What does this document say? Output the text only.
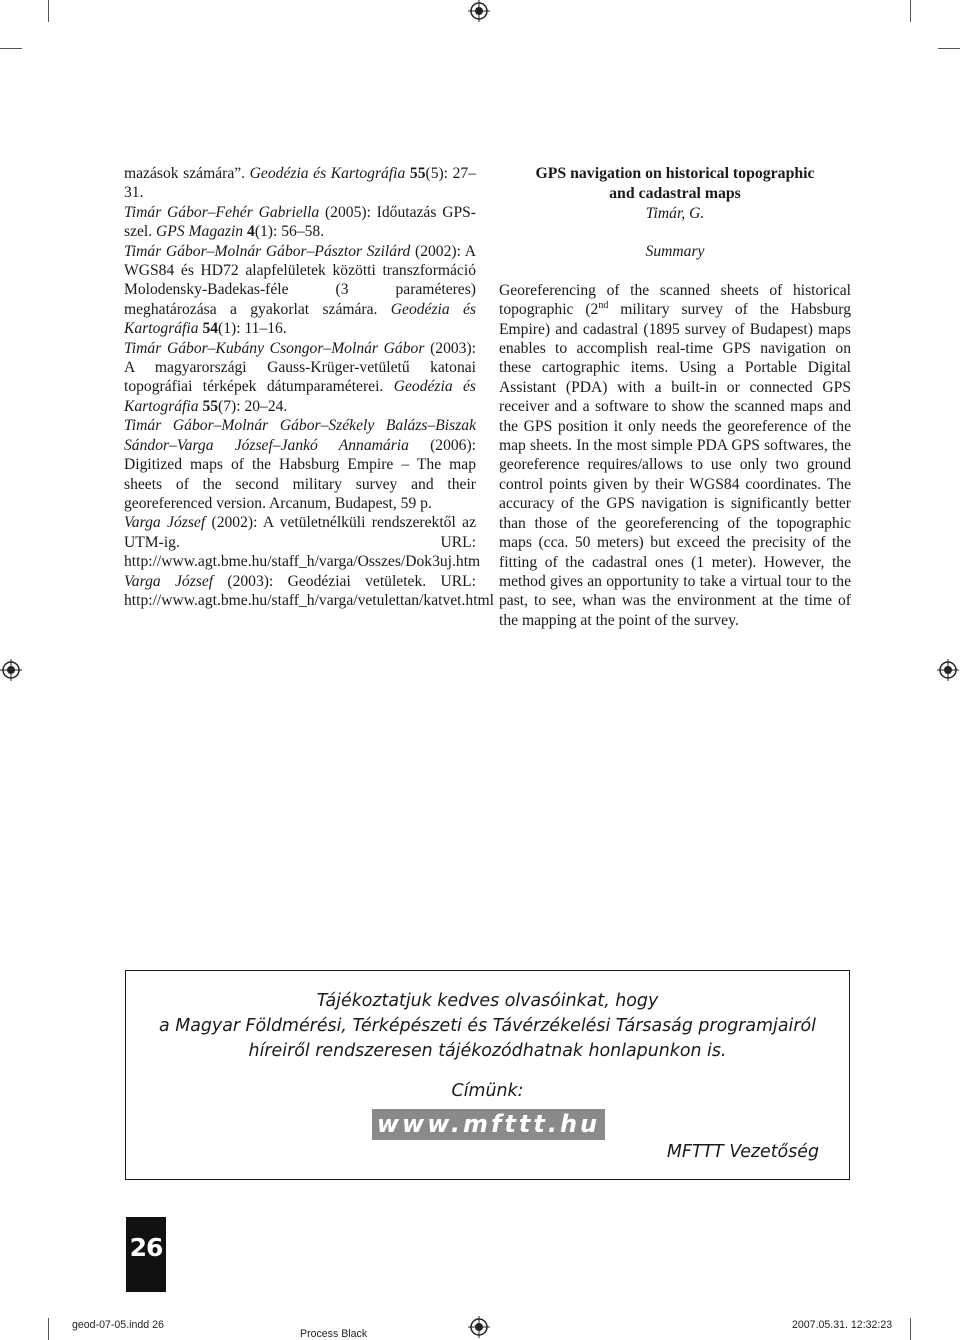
mazások számára”. Geodézia és Kartográfia 55(5): 27–31.

Timár Gábor–Fehér Gabriella (2005): Időutazás GPS-szel. GPS Magazin 4(1): 56–58.

Timár Gábor–Molnár Gábor–Pásztor Szilárd (2002): A WGS84 és HD72 alapfelületek közötti transzformáció Molodensky-Badekas-féle (3 paraméteres) meghatározása a gyakorlat számára. Geodézia és Kartográfia 54(1): 11–16.

Timár Gábor–Kubány Csongor–Molnár Gábor (2003): A magyarországi Gauss-Krüger-vetületű katonai topográfiai térképek dátumparaméterei. Geodézia és Kartográfia 55(7): 20–24.

Timár Gábor–Molnár Gábor–Székely Balázs–Biszak Sándor–Varga József–Jankó Annamária (2006): Digitized maps of the Habsburg Empire – The map sheets of the second military survey and their georeferenced version. Arcanum, Budapest, 59 p.

Varga József (2002): A vetületnélküli rendszerektől az UTM-ig. URL: http://www.agt.bme.hu/staff_h/varga/Osszes/Dok3uj.htm

Varga József (2003): Geodéziai vetületek. URL: http://www.agt.bme.hu/staff_h/varga/vetulettan/katvet.html

GPS navigation on historical topographic
and cadastral maps

Timár, G.

Summary

Georeferencing of the scanned sheets of historical topographic (2nd military survey of the Habsburg Empire) and cadastral (1895 survey of Budapest) maps enables to accomplish real-time GPS navigation on these cartographic items. Using a Portable Digital Assistant (PDA) with a built-in or connected GPS receiver and a software to show the scanned maps and the GPS position it only needs the georeference of the map sheets. In the most simple PDA GPS softwares, the georeference requires/allows to use only two ground control points given by their WGS84 coordinates. The accuracy of the GPS navigation is significantly better than those of the georeferencing of the topographic maps (cca. 50 meters) but exceed the precisity of the fitting of the cadastral ones (1 meter). However, the method gives an opportunity to take a virtual tour to the past, to see, whan was the environment at the time of the mapping at the point of the survey.

Tájékoztatjuk kedves olvasóinkat, hogy
a Magyar Földmérési, Térképészeti és Távérzékelési Társaság programjairól
híreiről rendszeresen tájékozódhatnak honlapunkon is.
Címünk:
www.mfttt.hu
MFTTT Vezetőség
26
geod-07-05.indd 26
Process Black
2007.05.31. 12:32:23
